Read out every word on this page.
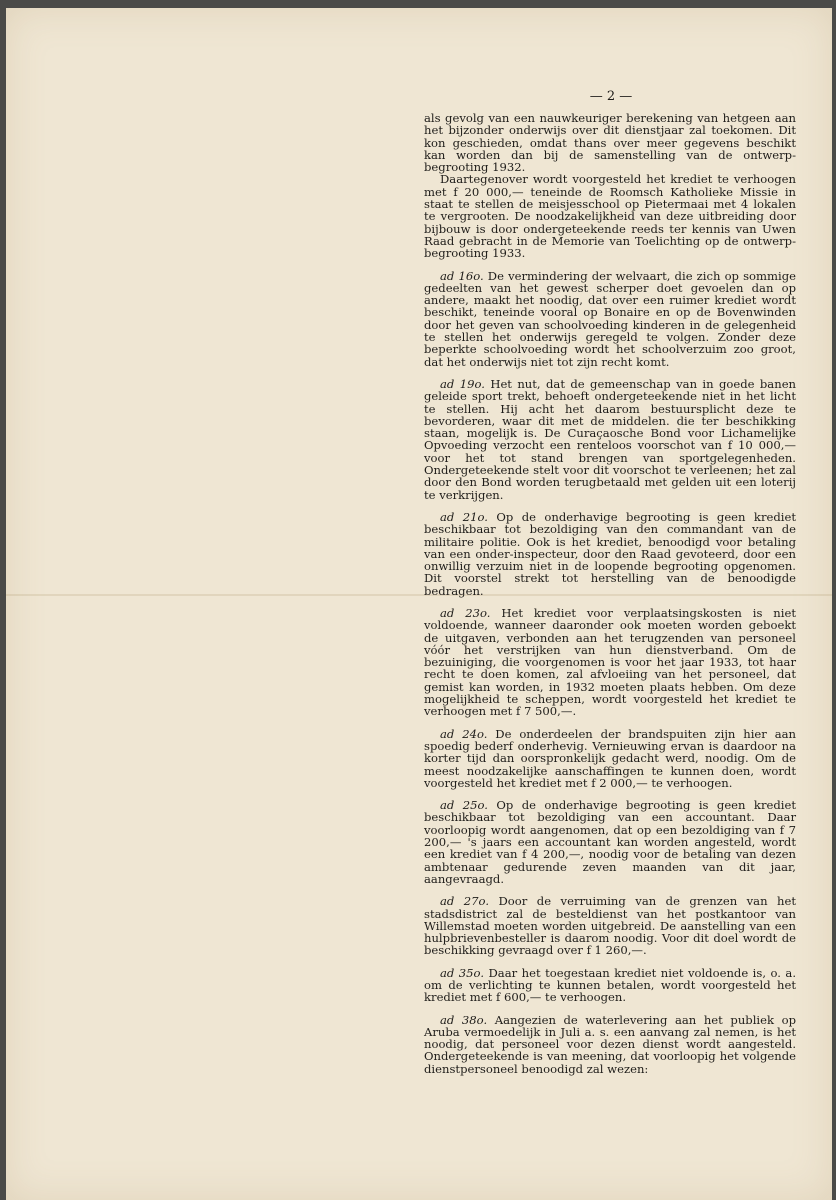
— 2 —

als gevolg van een nauwkeuriger berekening van hetgeen aan het bijzonder onderwijs over dit dienstjaar zal toekomen. Dit kon geschieden, omdat thans over meer gegevens beschikt kan worden dan bij de samenstelling van de ontwerp-begrooting 1932.

Daartegenover wordt voorgesteld het krediet te verhoogen met f 20 000,— teneinde de Roomsch Katholieke Missie in staat te stellen de meisjesschool op Pietermaai met 4 lokalen te vergrooten. De noodzakelijkheid van deze uitbreiding door bijbouw is door ondergeteekende reeds ter kennis van Uwen Raad gebracht in de Memorie van Toelichting op de ontwerp-begrooting 1933.

ad 16o. De vermindering der welvaart, die zich op sommige gedeelten van het gewest scherper doet gevoelen dan op andere, maakt het noodig, dat over een ruimer krediet wordt beschikt, teneinde vooral op Bonaire en op de Bovenwinden door het geven van schoolvoeding kinderen in de gelegenheid te stellen het onderwijs geregeld te volgen. Zonder deze beperkte schoolvoeding wordt het schoolverzuim zoo groot, dat het onderwijs niet tot zijn recht komt.

ad 19o. Het nut, dat de gemeenschap van in goede banen geleide sport trekt, behoeft ondergeteekende niet in het licht te stellen. Hij acht het daarom bestuursplicht deze te bevorderen, waar dit met de middelen. die ter beschikking staan, mogelijk is. De Curaçaosche Bond voor Lichamelijke Opvoeding verzocht een renteloos voorschot van f 10 000,— voor het tot stand brengen van sportgelegenheden. Ondergeteekende stelt voor dit voorschot te verleenen; het zal door den Bond worden terugbetaald met gelden uit een loterij te verkrijgen.

ad 21o. Op de onderhavige begrooting is geen krediet beschikbaar tot bezoldiging van den commandant van de militaire politie. Ook is het krediet, benoodigd voor betaling van een onder-inspecteur, door den Raad gevoteerd, door een onwillig verzuim niet in de loopende begrooting opgenomen. Dit voorstel strekt tot herstelling van de benoodigde bedragen.

ad 23o. Het krediet voor verplaatsingskosten is niet voldoende, wanneer daaronder ook moeten worden geboekt de uitgaven, verbonden aan het terugzenden van personeel vóór het verstrijken van hun dienstverband. Om de bezuiniging, die voorgenomen is voor het jaar 1933, tot haar recht te doen komen, zal afvloeiing van het personeel, dat gemist kan worden, in 1932 moeten plaats hebben. Om deze mogelijkheid te scheppen, wordt voorgesteld het krediet te verhoogen met f 7 500,—.

ad 24o. De onderdeelen der brandspuiten zijn hier aan spoedig bederf onderhevig. Vernieuwing ervan is daardoor na korter tijd dan oorspronkelijk gedacht werd, noodig. Om de meest noodzakelijke aanschaffingen te kunnen doen, wordt voorgesteld het krediet met f 2 000,— te verhoogen.

ad 25o. Op de onderhavige begrooting is geen krediet beschikbaar tot bezoldiging van een accountant. Daar voorloopig wordt aangenomen, dat op een bezoldiging van f 7 200,— 's jaars een accountant kan worden angesteld, wordt een krediet van f 4 200,—, noodig voor de betaling van dezen ambtenaar gedurende zeven maanden van dit jaar, aangevraagd.

ad 27o. Door de verruiming van de grenzen van het stadsdistrict zal de besteldienst van het postkantoor van Willemstad moeten worden uitgebreid. De aanstelling van een hulpbrievenbesteller is daarom noodig. Voor dit doel wordt de beschikking gevraagd over f 1 260,—.

ad 35o. Daar het toegestaan krediet niet voldoende is, o. a. om de verlichting te kunnen betalen, wordt voorgesteld het krediet met f 600,— te verhoogen.

ad 38o. Aangezien de waterlevering aan het publiek op Aruba vermoedelijk in Juli a. s. een aanvang zal nemen, is het noodig, dat personeel voor dezen dienst wordt aangesteld. Ondergeteekende is van meening, dat voorloopig het volgende dienstpersoneel benoodigd zal wezen:
